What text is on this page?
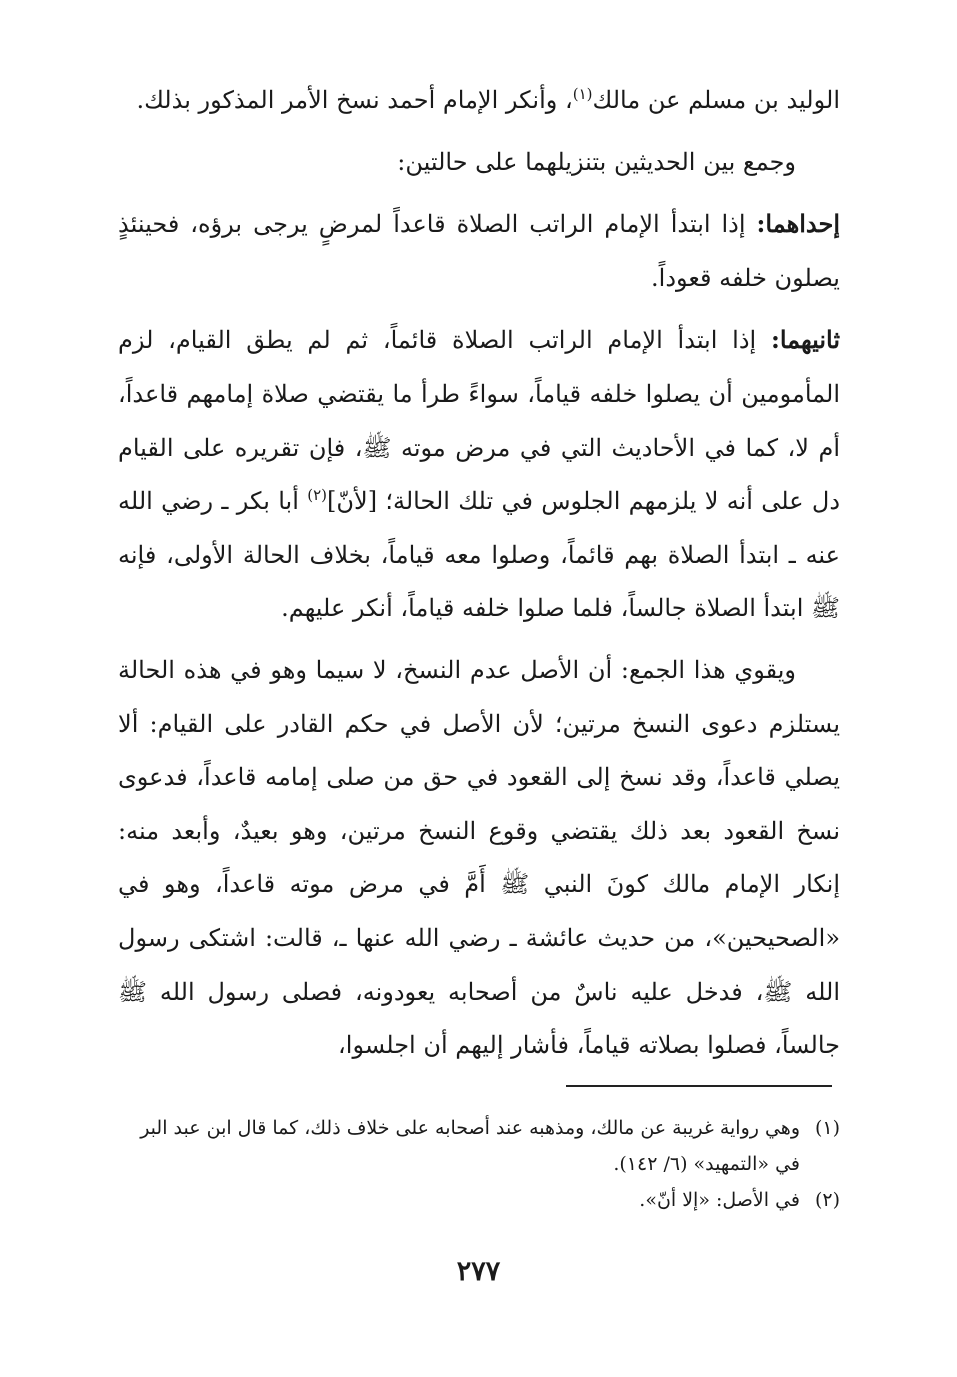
الوليد بن مسلم عن مالك$^{(١)}$، وأنكر الإمام أحمد نسخ الأمر المذكور بذلك.

وجمع بين الحديثين بتنزيلهما على حالتين:

إحداهما: إذا ابتدأ الإمام الراتب الصلاة قاعداً لمرضٍ يرجى برؤه، فحينئذٍ يصلون خلفه قعوداً.

ثانيهما: إذا ابتدأ الإمام الراتب الصلاة قائماً، ثم لم يطق القيام، لزم المأمومين أن يصلوا خلفه قياماً، سواءً طرأ ما يقتضي صلاة إمامهم قاعداً، أم لا، كما في الأحاديث التي في مرض موته ﷺ، فإن تقريره على القيام دل على أنه لا يلزمهم الجلوس في تلك الحالة؛ [لأنّ]$^{(٢)}$ أبا بكر ـ رضي الله عنه ـ ابتدأ الصلاة بهم قائماً، وصلوا معه قياماً، بخلاف الحالة الأولى، فإنه ﷺ ابتدأ الصلاة جالساً، فلما صلوا خلفه قياماً، أنكر عليهم.

ويقوي هذا الجمع: أن الأصل عدم النسخ، لا سيما وهو في هذه الحالة يستلزم دعوى النسخ مرتين؛ لأن الأصل في حكم القادر على القيام: ألا يصلي قاعداً، وقد نسخ إلى القعود في حق من صلى إمامه قاعداً، فدعوى نسخ القعود بعد ذلك يقتضي وقوع النسخ مرتين، وهو بعيدٌ، وأبعد منه: إنكار الإمام مالك كونَ النبي ﷺ أَمَّ في مرض موته قاعداً، وهو في «الصحيحين»، من حديث عائشة ـ رضي الله عنها ـ، قالت: اشتكى رسول الله ﷺ، فدخل عليه ناسٌ من أصحابه يعودونه، فصلى رسول الله ﷺ جالساً، فصلوا بصلاته قياماً، فأشار إليهم أن اجلسوا،

(١)
وهي رواية غريبة عن مالك، ومذهبه عند أصحابه على خلاف ذلك، كما قال ابن عبد البر في «التمهيد» (٦/ ١٤٢).

(٢)
في الأصل: «إلا أنّ».

٢٧٧
